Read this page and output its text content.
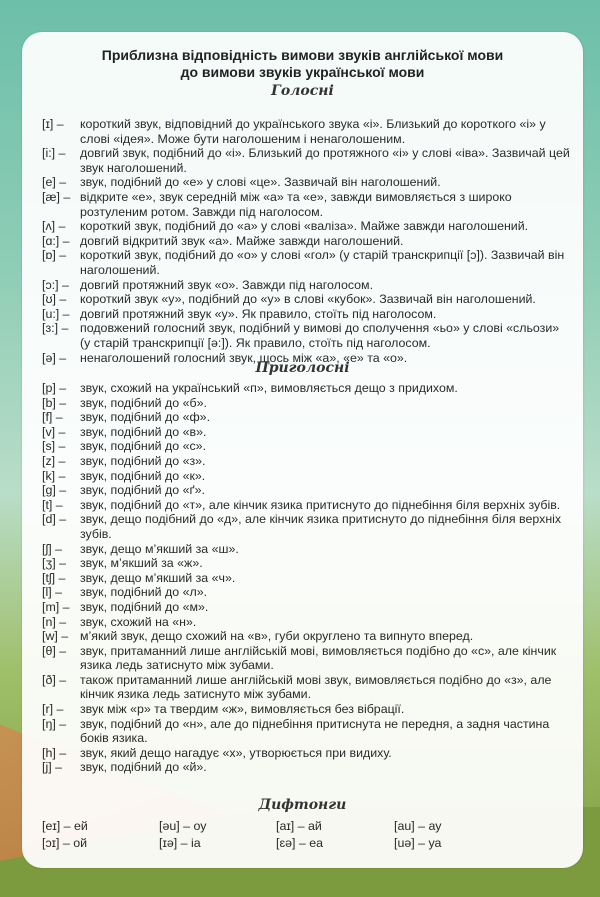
Приблизна відповідність вимови звуків англійської мови
до вимови звуків української мови
Голосні
[ɪ] –	короткий звук, відповідний до українського звука «і». Близький до короткого «і» у слові «ідея». Може бути наголошеним і ненаголошеним.
[i:] –	довгий звук, подібний до «і». Близький до протяжного «і» у слові «іва». Зазвичай цей звук наголошений.
[e] –	звук, подібний до «е» у слові «це». Зазвичай він наголошений.
[æ] – відкрите «е», звук середній між «а» та «е», завжди вимовляється з широко розтуленим ротом. Завжди під наголосом.
[ʌ] –	короткий звук, подібний до «а» у слові «валіза». Майже завжди наголошений.
[ɑ:] – довгий відкритий звук «а». Майже завжди наголошений.
[ɒ] –	короткий звук, подібний до «о» у слові «гол» (у старій транскрипції [ɔ]). Зазвичай він наголошений.
[ɔ:] – довгий протяжний звук «о». Завжди під наголосом.
[ʊ] –	короткий звук «у», подібний до «у» в слові «кубок». Зазвичай він наголошений.
[u:] – довгий протяжний звук «у». Як правило, стоїть під наголосом.
[ɜ:] – подовжений голосний звук, подібний у вимові до сполучення «ьо» у слові «сльози» (у старій транскрипції [ə:]). Як правило, стоїть під наголосом.
[ə] –	ненаголошений голосний звук, щось між «а», «е» та «о».
Приголосні
[p] –	звук, схожий на український «п», вимовляється дещо з придихом.
[b] –	звук, подібний до «б».
[f] –	звук, подібний до «ф».
[v] –	звук, подібний до «в».
[s] –	звук, подібний до «с».
[z] –	звук, подібний до «з».
[k] –	звук, подібний до «к».
[g] –	звук, подібний до «ґ».
[t] –	звук, подібний до «т», але кінчик язика притиснуто до піднебіння біля верхніх зубів.
[d] –	звук, дещо подібний до «д», але кінчик язика притиснуто до піднебіння біля верхніх зубів.
[ʃ] –	звук, дещо м’якший за «ш».
[ʒ] –	звук, м’якший за «ж».
[tʃ] –	звук, дещо м’якший за «ч».
[l] –	звук, подібний до «л».
[m] – звук, подібний до «м».
[n] –	звук, схожий на «н».
[w] – м’який звук, дещо схожий на «в», губи округлено та випнуто вперед.
[θ] –	звук, притаманний лише англійській мові, вимовляється подібно до «с», але кінчик язика ледь затиснуто між зубами.
[ð] –	також притаманний лише англійській мові звук, вимовляється подібно до «з», але кінчик язика ледь затиснуто між зубами.
[r] –	звук між «р» та твердим «ж», вимовляється без вібрації.
[ŋ] –	звук, подібний до «н», але до піднебіння притиснута не передня, а задня частина боків язика.
[h] –	звук, який дещо нагадує «х», утворюється при видиху.
[j] –	звук, подібний до «й».
Дифтонги
[eɪ] – ей	[əu] – оу	[aɪ] – ай	[au] – ау
[ɔɪ] – ой	[ɪə] – іа	[ɛə] – еа	[uə] – уа
